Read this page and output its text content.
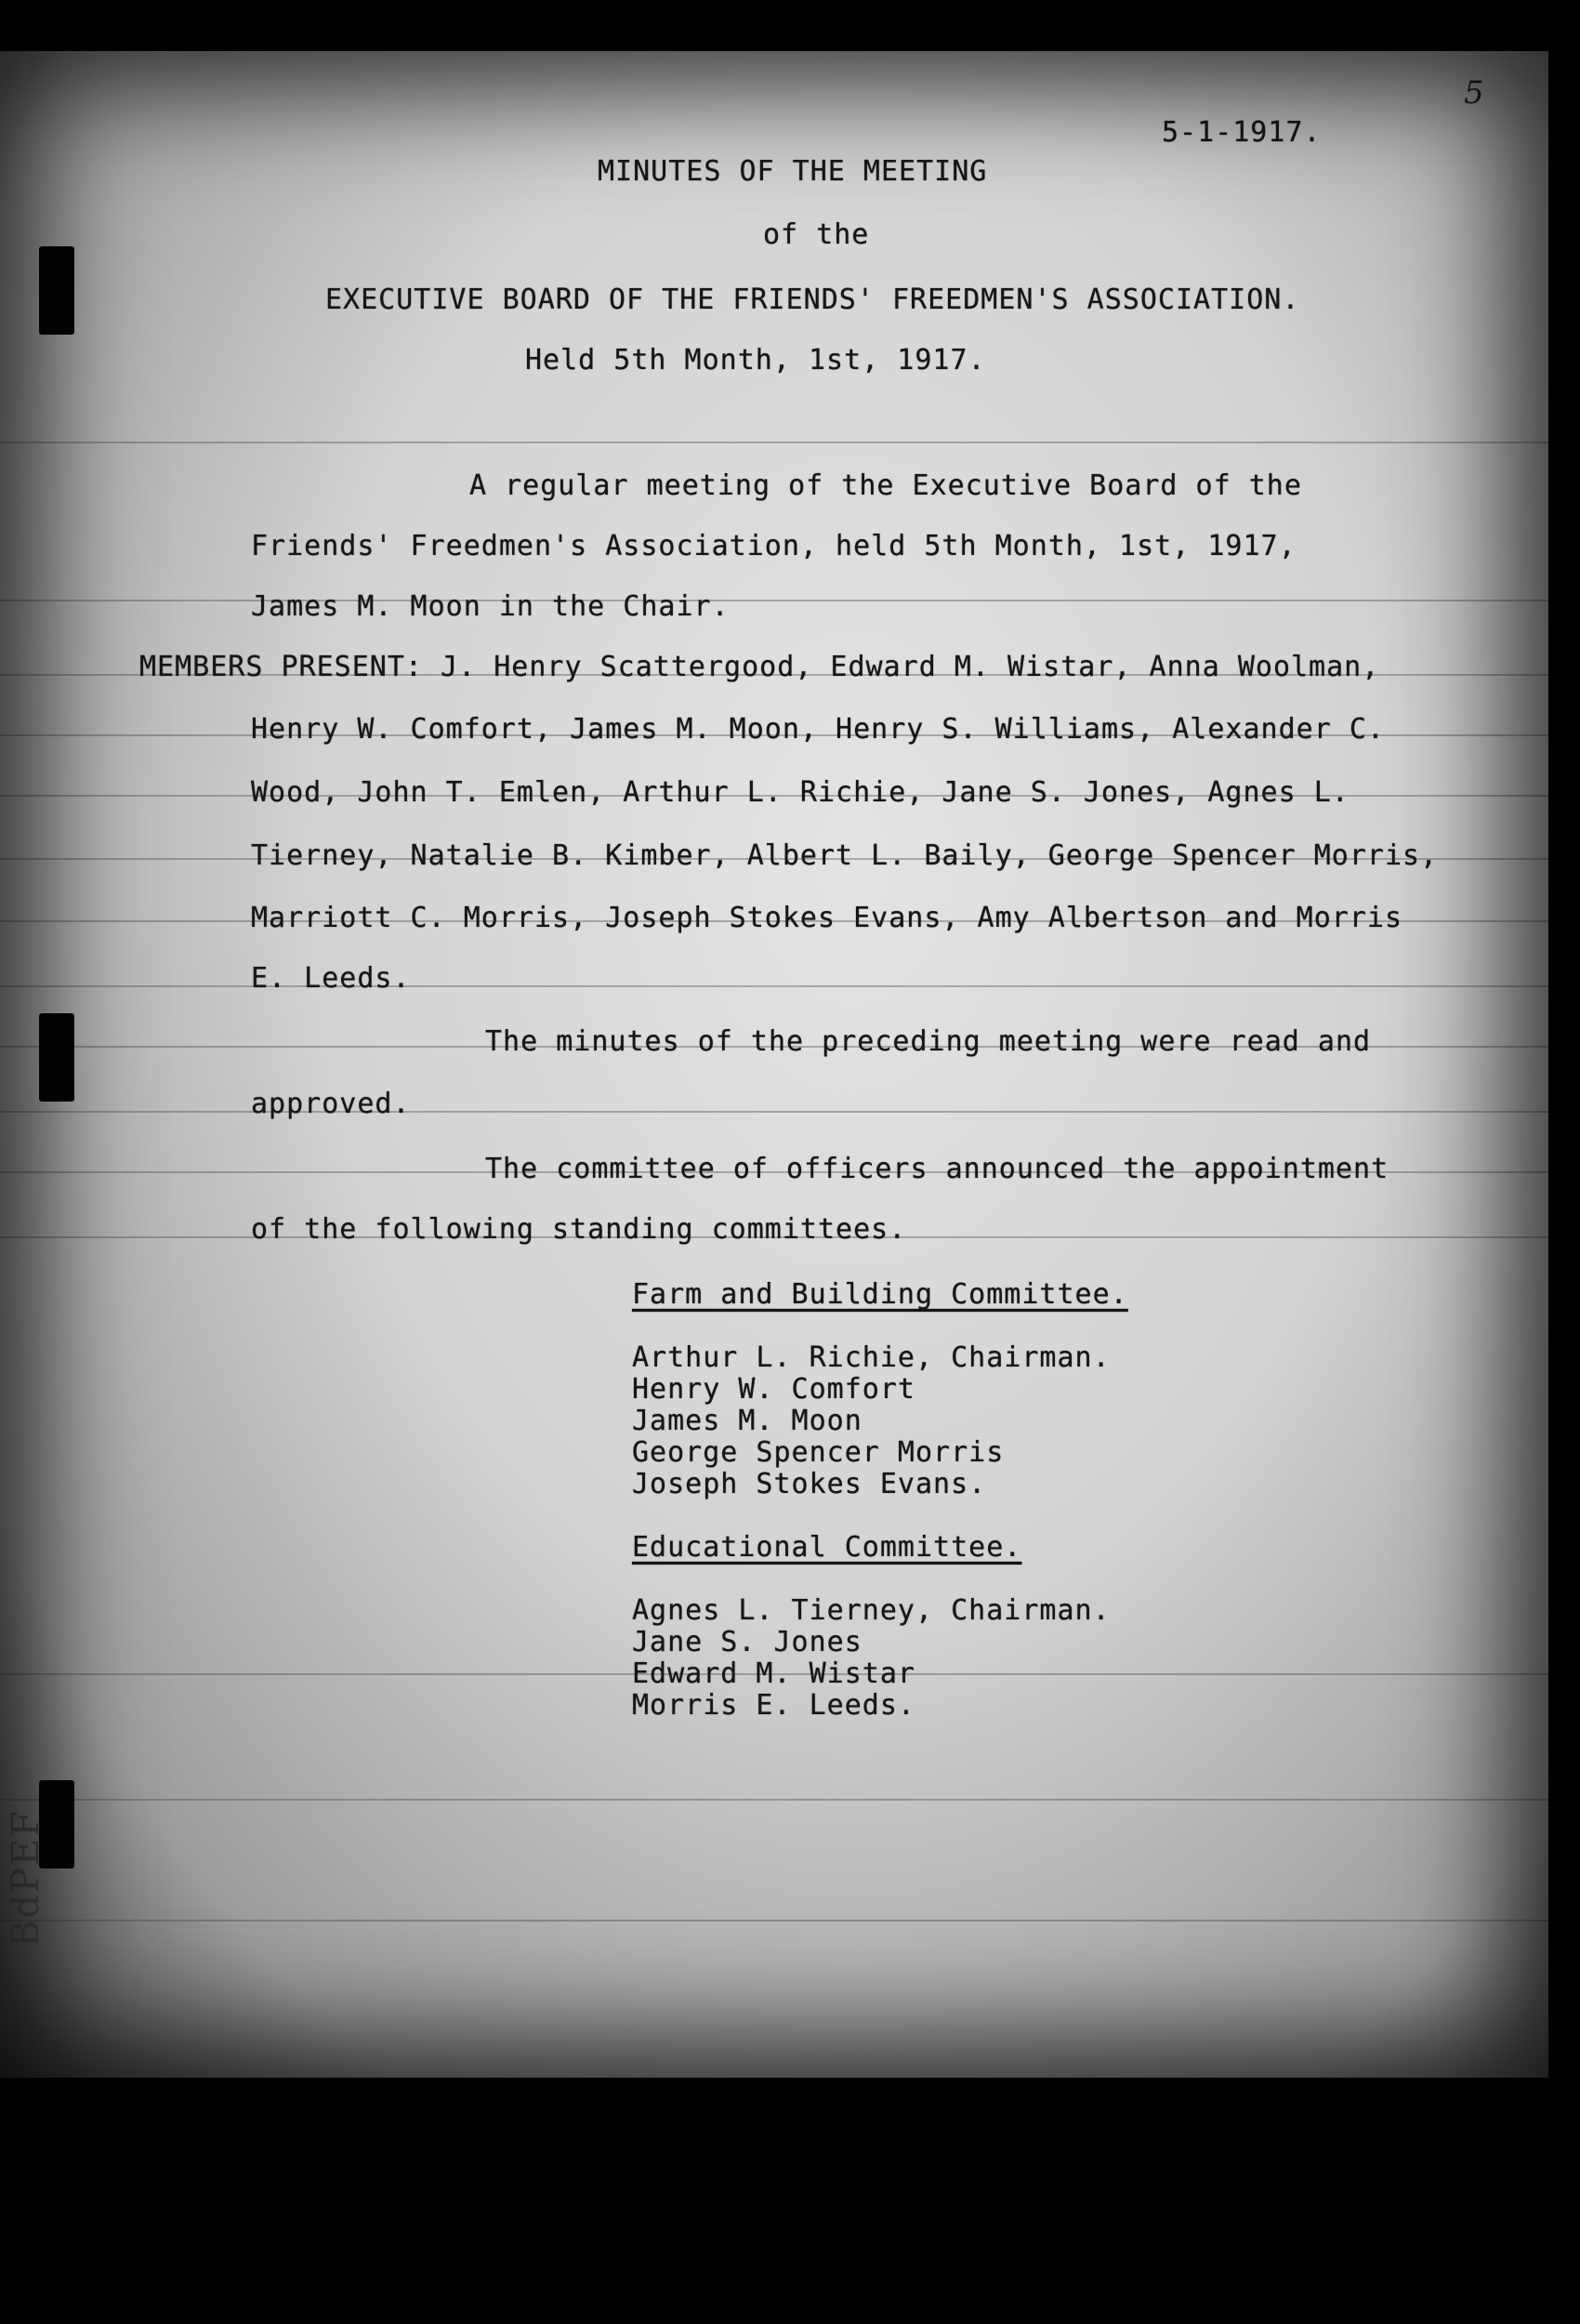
5
5-1-1917.
MINUTES OF THE MEETING
of the
EXECUTIVE BOARD OF THE FRIENDS' FREEDMEN'S ASSOCIATION.
Held 5th Month, 1st, 1917.
A regular meeting of the Executive Board of the
Friends' Freedmen's Association, held 5th Month, 1st, 1917,
James M. Moon in the Chair.
MEMBERS PRESENT: J. Henry Scattergood, Edward M. Wistar, Anna Woolman,
Henry W. Comfort, James M. Moon, Henry S. Williams, Alexander C.
Wood, John T. Emlen, Arthur L. Richie, Jane S. Jones, Agnes L.
Tierney, Natalie B. Kimber, Albert L. Baily, George Spencer Morris,
Marriott C. Morris, Joseph Stokes Evans, Amy Albertson and Morris
E. Leeds.
The minutes of the preceding meeting were read and
approved.
The committee of officers announced the appointment
of the following standing committees.
Farm and Building Committee.
Arthur L. Richie, Chairman.
Henry W. Comfort
James M. Moon
George Spencer Morris
Joseph Stokes Evans.
Educational Committee.
Agnes L. Tierney, Chairman.
Jane S. Jones
Edward M. Wistar
Morris E. Leeds.
BdPEF
